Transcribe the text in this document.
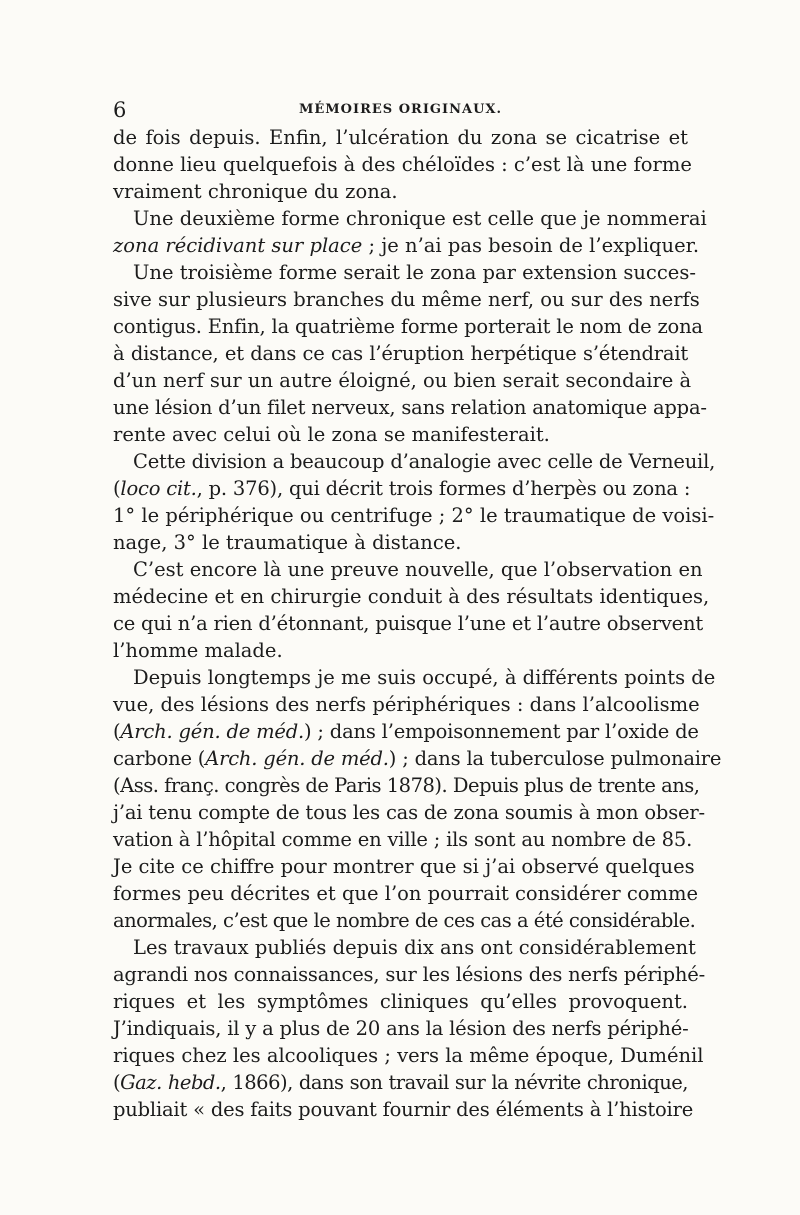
6	MÉMOIRES ORIGINAUX.
de fois depuis. Enfin, l’ulcération du zona se cicatrise et
donne lieu quelquefois à des chéloïdes : c’est là une forme
vraiment chronique du zona.
Une deuxième forme chronique est celle que je nommerai
zona récidivant sur place ; je n’ai pas besoin de l’expliquer.
Une troisième forme serait le zona par extension succes-
sive sur plusieurs branches du même nerf, ou sur des nerfs
contigus. Enfin, la quatrième forme porterait le nom de zona
à distance, et dans ce cas l’éruption herpétique s’étendrait
d’un nerf sur un autre éloigné, ou bien serait secondaire à
une lésion d’un filet nerveux, sans relation anatomique appa-
rente avec celui où le zona se manifesterait.
Cette division a beaucoup d’analogie avec celle de Verneuil,
(loco cit., p. 376), qui décrit trois formes d’herpès ou zona :
1° le périphérique ou centrifuge ; 2° le traumatique de voisi-
nage, 3° le traumatique à distance.
C’est encore là une preuve nouvelle, que l’observation en
médecine et en chirurgie conduit à des résultats identiques,
ce qui n’a rien d’étonnant, puisque l’une et l’autre observent
l’homme malade.
Depuis longtemps je me suis occupé, à différents points de
vue, des lésions des nerfs périphériques : dans l’alcoolisme
(Arch. gén. de méd.) ; dans l’empoisonnement par l’oxide de
carbone (Arch. gén. de méd.) ; dans la tuberculose pulmonaire
(Ass. franç. congrès de Paris 1878). Depuis plus de trente ans,
j’ai tenu compte de tous les cas de zona soumis à mon obser-
vation à l’hôpital comme en ville ; ils sont au nombre de 85.
Je cite ce chiffre pour montrer que si j’ai observé quelques
formes peu décrites et que l’on pourrait considérer comme
anormales, c’est que le nombre de ces cas a été considérable.
Les travaux publiés depuis dix ans ont considérablement
agrandi nos connaissances, sur les lésions des nerfs périphé-
riques et les symptômes cliniques qu’elles provoquent.
J’indiquais, il y a plus de 20 ans la lésion des nerfs périphé-
riques chez les alcooliques ; vers la même époque, Duménil
(Gaz. hebd., 1866), dans son travail sur la névrite chronique,
publiait « des faits pouvant fournir des éléments à l’histoire
